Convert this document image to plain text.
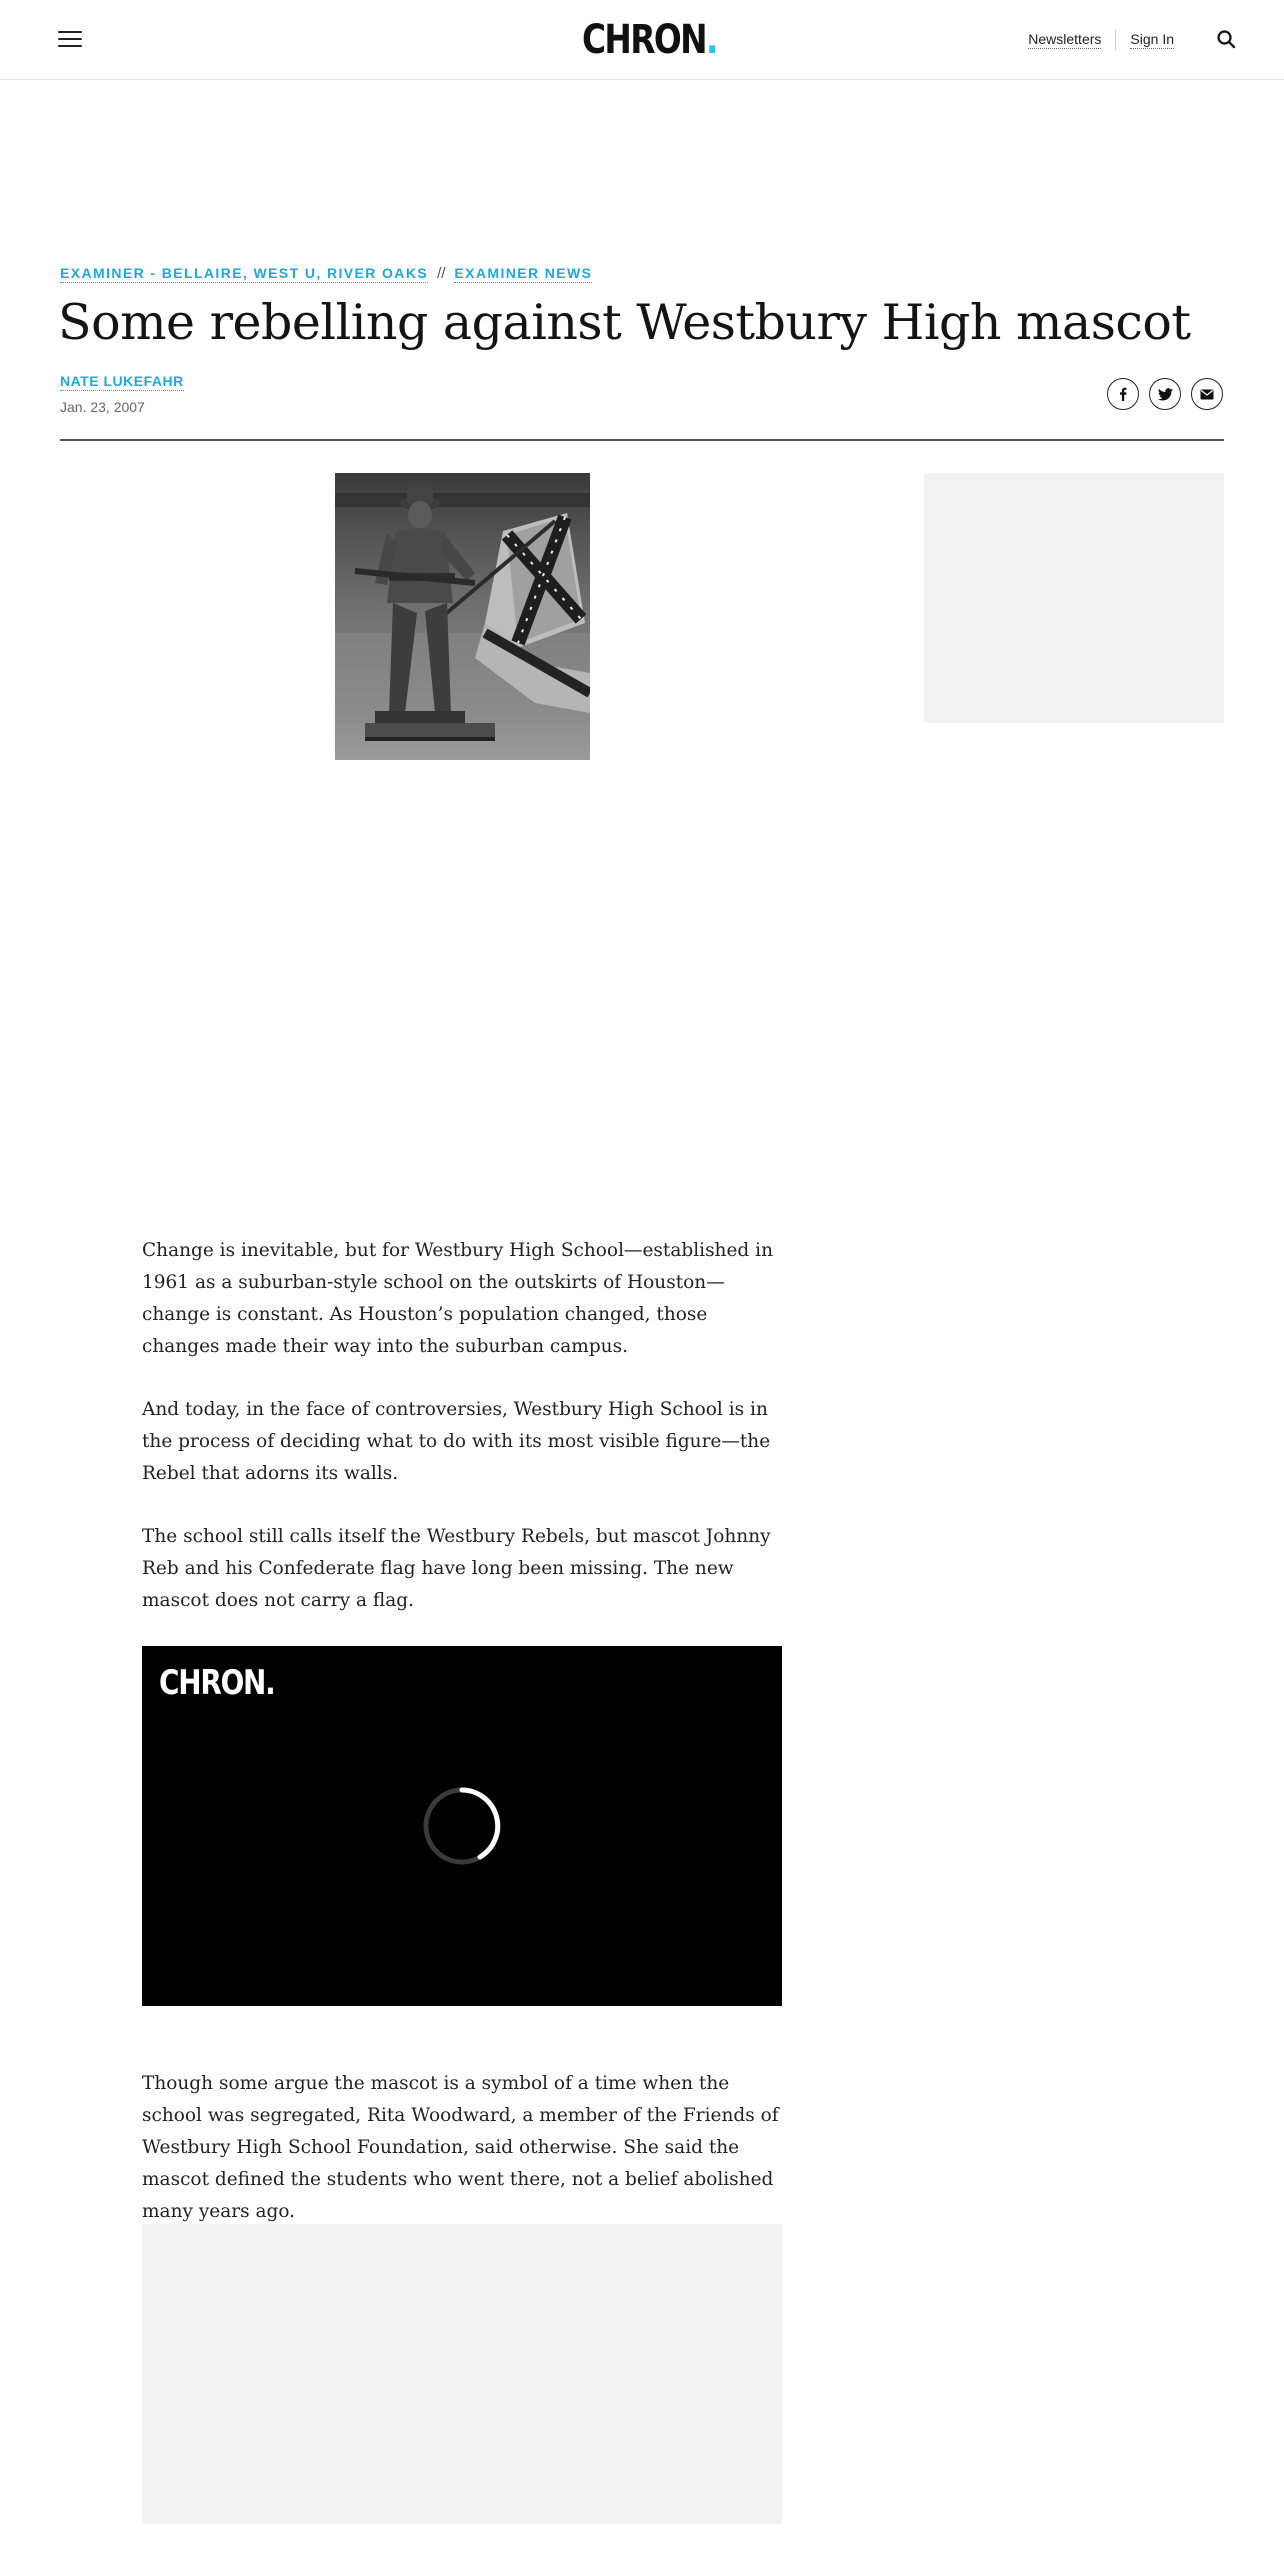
CHRON.	Newsletters Sign In
EXAMINER - BELLAIRE, WEST U, RIVER OAKS // EXAMINER NEWS
Some rebelling against Westbury High mascot
NATE LUKEFAHR
Jan. 23, 2007

Change is inevitable, but for Westbury High School—established in 1961 as a suburban-style school on the outskirts of Houston—change is constant. As Houston’s population changed, those changes made their way into the suburban campus.

And today, in the face of controversies, Westbury High School is in the process of deciding what to do with its most visible figure—the Rebel that adorns its walls.

The school still calls itself the Westbury Rebels, but mascot Johnny Reb and his Confederate flag have long been missing. The new mascot does not carry a flag.

CHRON.

Though some argue the mascot is a symbol of a time when the school was segregated, Rita Woodward, a member of the Friends of Westbury High School Foundation, said otherwise. She said the mascot defined the students who went there, not a belief abolished many years ago.
